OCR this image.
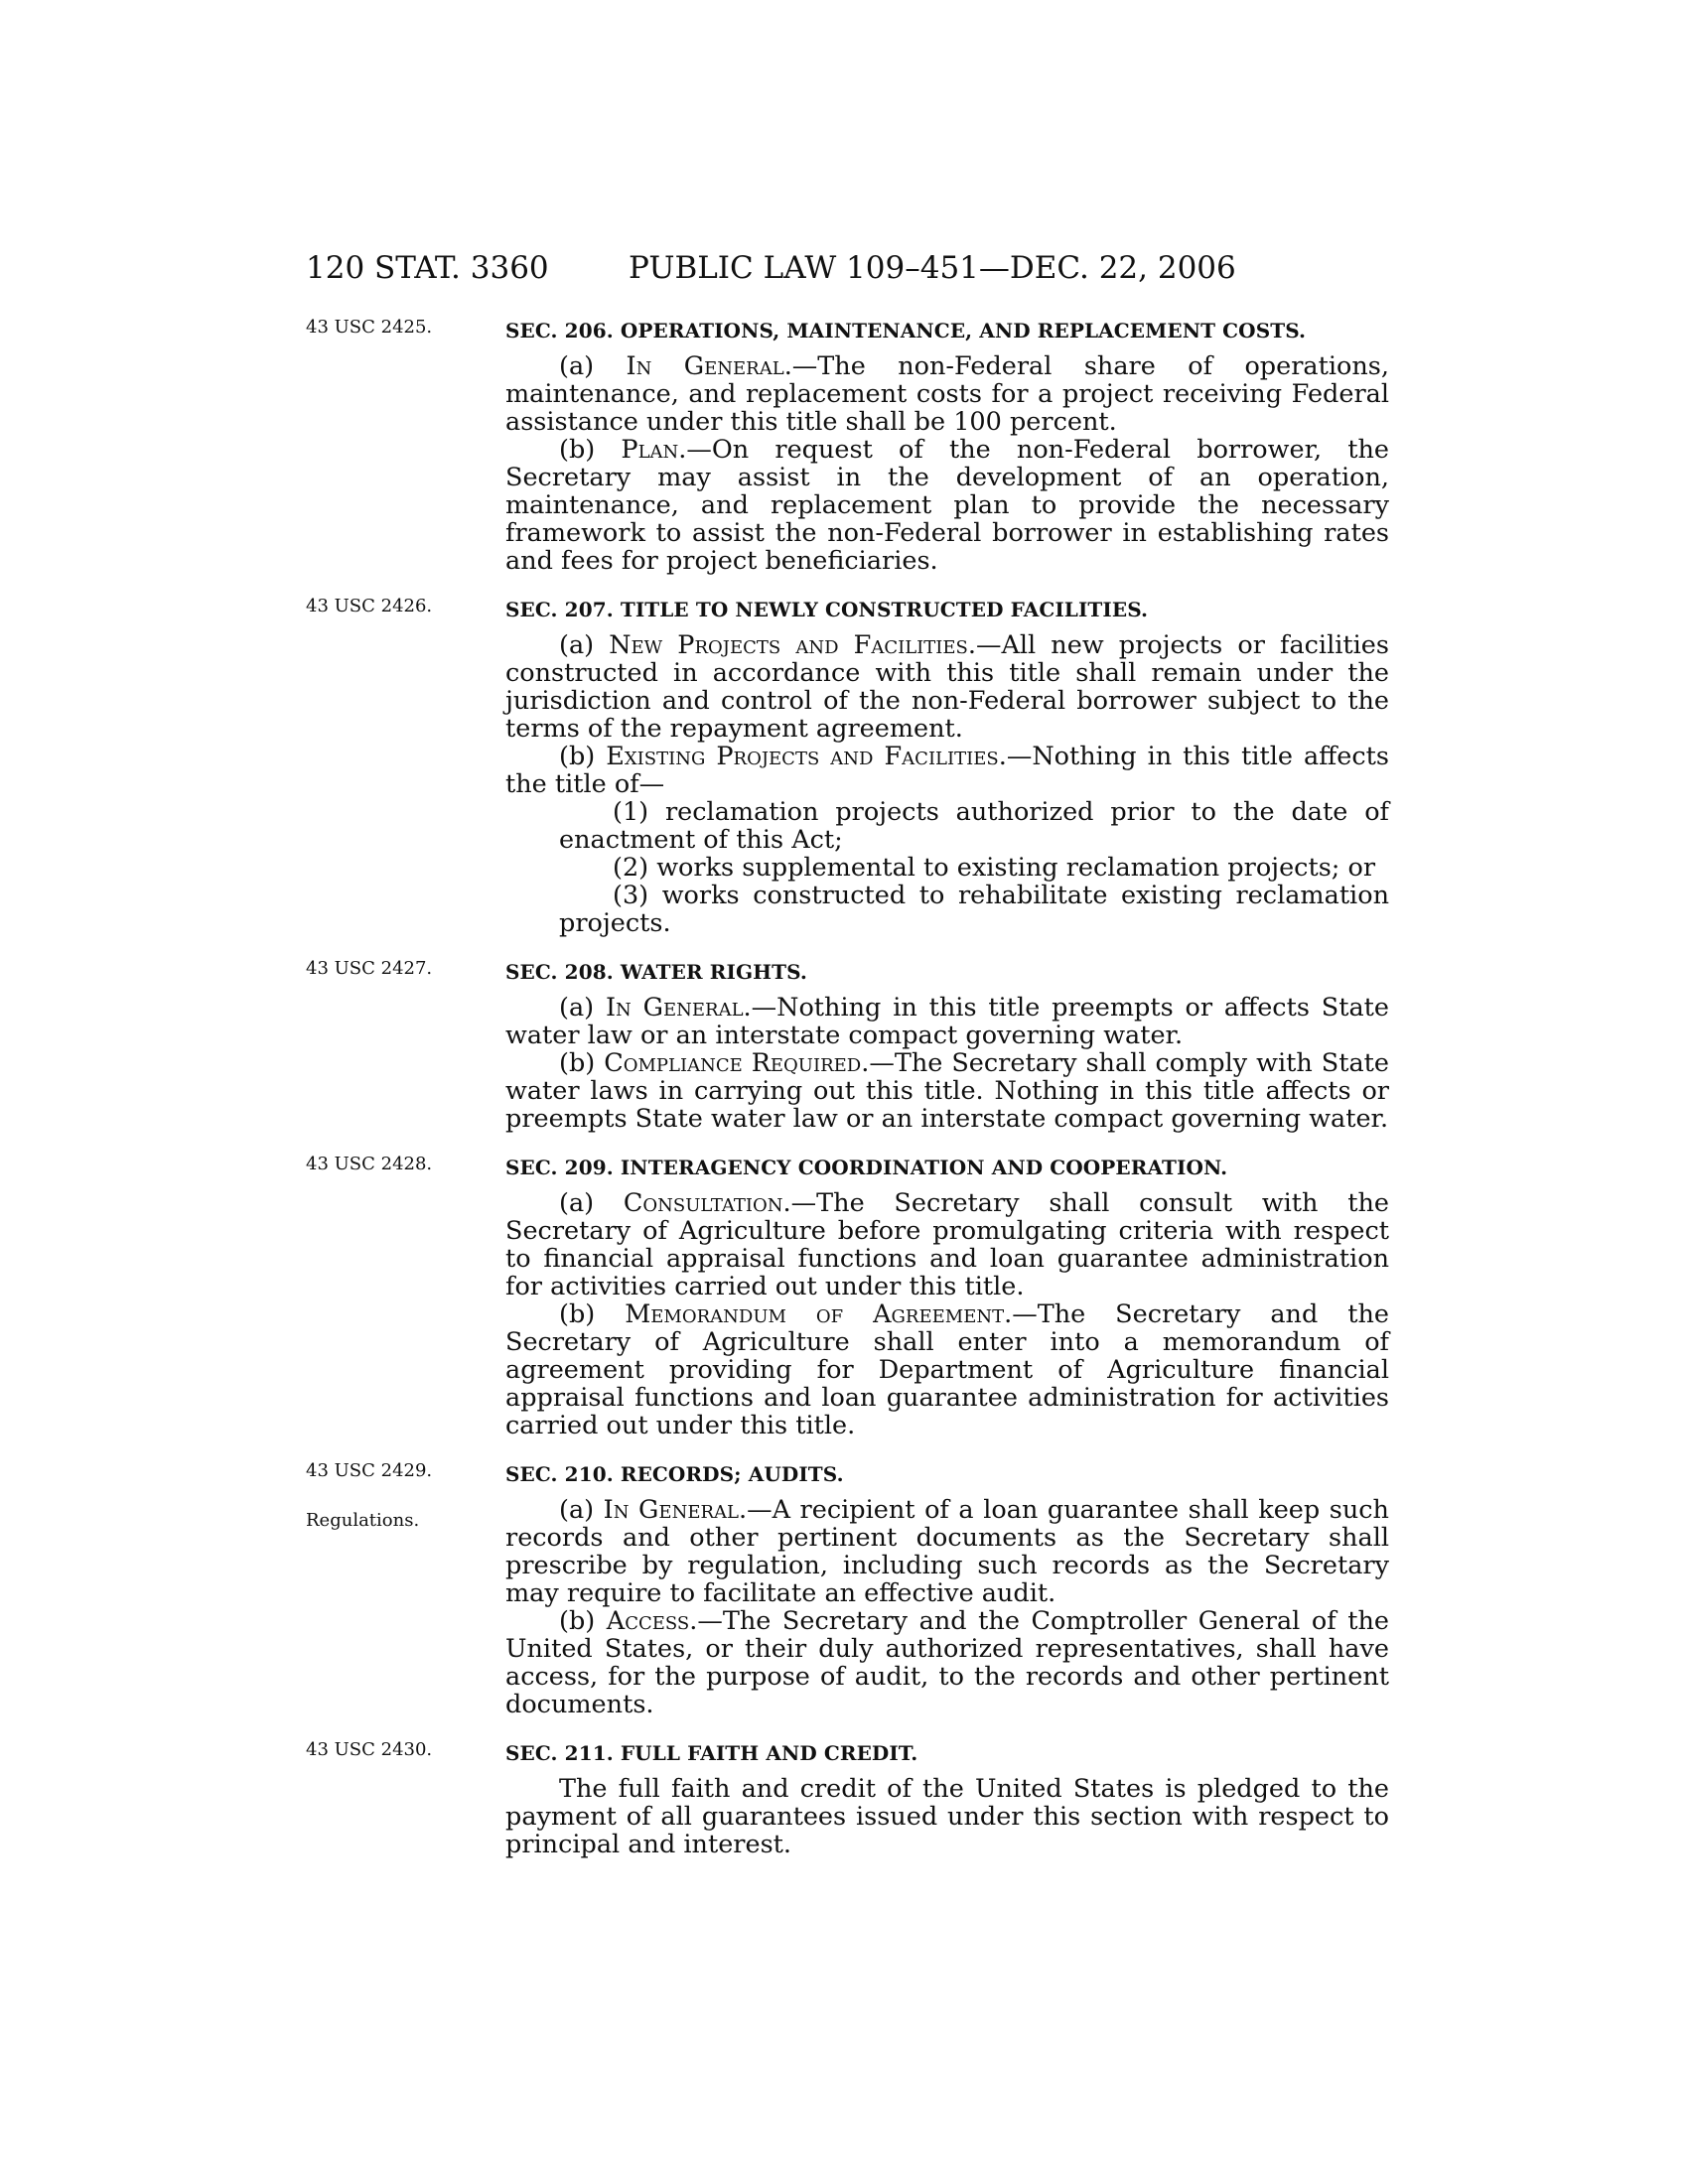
120 STAT. 3360	PUBLIC LAW 109–451—DEC. 22, 2006
43 USC 2425.	SEC. 206. OPERATIONS, MAINTENANCE, AND REPLACEMENT COSTS.

(a) In General.—The non-Federal share of operations, maintenance, and replacement costs for a project receiving Federal assistance under this title shall be 100 percent.

(b) Plan.—On request of the non-Federal borrower, the Secretary may assist in the development of an operation, maintenance, and replacement plan to provide the necessary framework to assist the non-Federal borrower in establishing rates and fees for project beneficiaries.

43 USC 2426.	SEC. 207. TITLE TO NEWLY CONSTRUCTED FACILITIES.

(a) New Projects and Facilities.—All new projects or facilities constructed in accordance with this title shall remain under the jurisdiction and control of the non-Federal borrower subject to the terms of the repayment agreement.

(b) Existing Projects and Facilities.—Nothing in this title affects the title of—

(1) reclamation projects authorized prior to the date of enactment of this Act;

(2) works supplemental to existing reclamation projects; or

(3) works constructed to rehabilitate existing reclamation projects.

43 USC 2427.	SEC. 208. WATER RIGHTS.

(a) In General.—Nothing in this title preempts or affects State water law or an interstate compact governing water.

(b) Compliance Required.—The Secretary shall comply with State water laws in carrying out this title. Nothing in this title affects or preempts State water law or an interstate compact governing water.

43 USC 2428.	SEC. 209. INTERAGENCY COORDINATION AND COOPERATION.

(a) Consultation.—The Secretary shall consult with the Secretary of Agriculture before promulgating criteria with respect to financial appraisal functions and loan guarantee administration for activities carried out under this title.

(b) Memorandum of Agreement.—The Secretary and the Secretary of Agriculture shall enter into a memorandum of agreement providing for Department of Agriculture financial appraisal functions and loan guarantee administration for activities carried out under this title.

43 USC 2429.
Regulations.
SEC. 210. RECORDS; AUDITS.

(a) In General.—A recipient of a loan guarantee shall keep such records and other pertinent documents as the Secretary shall prescribe by regulation, including such records as the Secretary may require to facilitate an effective audit.

(b) Access.—The Secretary and the Comptroller General of the United States, or their duly authorized representatives, shall have access, for the purpose of audit, to the records and other pertinent documents.

43 USC 2430.	SEC. 211. FULL FAITH AND CREDIT.

The full faith and credit of the United States is pledged to the payment of all guarantees issued under this section with respect to principal and interest.
